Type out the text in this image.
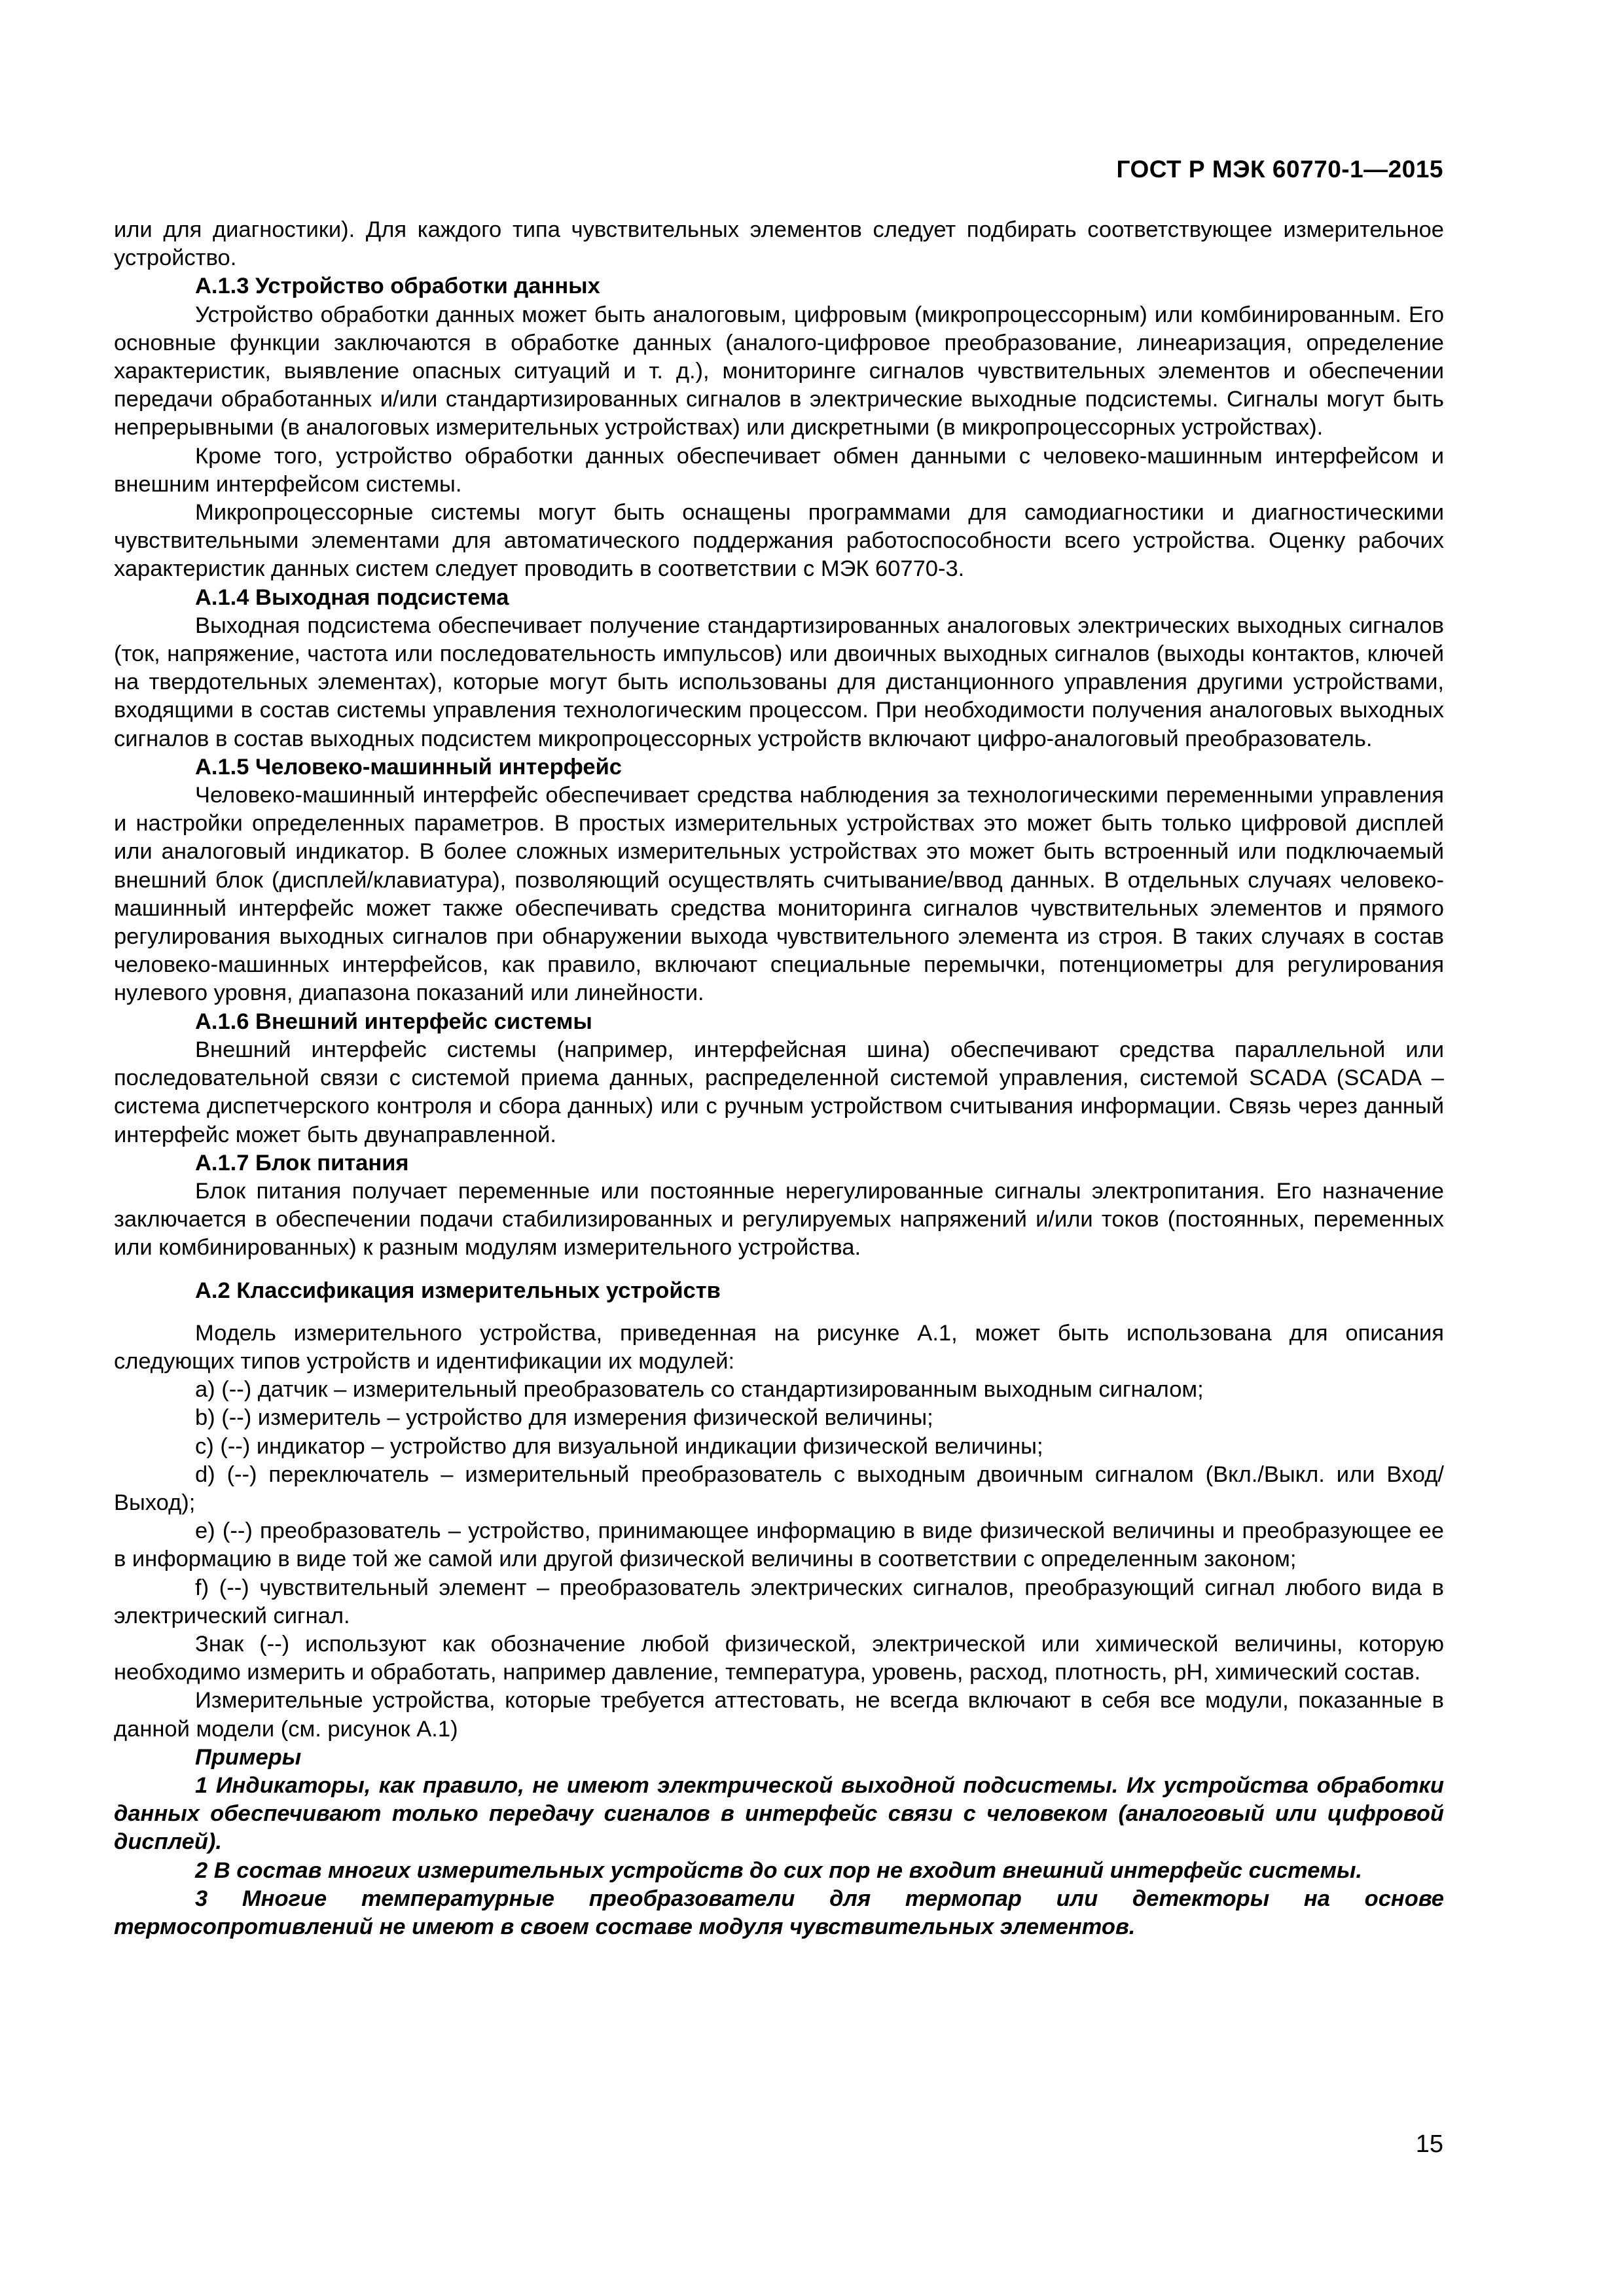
ГОСТ Р МЭК 60770-1—2015

или для диагностики). Для каждого типа чувствительных элементов следует подбирать соответствующее измерительное устройство.

А.1.3 Устройство обработки данных

Устройство обработки данных может быть аналоговым, цифровым (микропроцессорным) или комбинированным. Его основные функции заключаются в обработке данных (аналого-цифровое преобразование, линеаризация, определение характеристик, выявление опасных ситуаций и т. д.), мониторинге сигналов чувствительных элементов и обеспечении передачи обработанных и/или стандартизированных сигналов в электрические выходные подсистемы. Сигналы могут быть непрерывными (в аналоговых измерительных устройствах) или дискретными (в микропроцессорных устройствах).

Кроме того, устройство обработки данных обеспечивает обмен данными с человеко-машинным интерфейсом и внешним интерфейсом системы.

Микропроцессорные системы могут быть оснащены программами для самодиагностики и диагностическими чувствительными элементами для автоматического поддержания работоспособности всего устройства. Оценку рабочих характеристик данных систем следует проводить в соответствии с МЭК 60770-3.

А.1.4 Выходная подсистема

Выходная подсистема обеспечивает получение стандартизированных аналоговых электрических выходных сигналов (ток, напряжение, частота или последовательность импульсов) или двоичных выходных сигналов (выходы контактов, ключей на твердотельных элементах), которые могут быть использованы для дистанционного управления другими устройствами, входящими в состав системы управления технологическим процессом. При необходимости получения аналоговых выходных сигналов в состав выходных подсистем микропроцессорных устройств включают цифро-аналоговый преобразователь.

А.1.5 Человеко-машинный интерфейс

Человеко-машинный интерфейс обеспечивает средства наблюдения за технологическими переменными управления и настройки определенных параметров. В простых измерительных устройствах это может быть только цифровой дисплей или аналоговый индикатор. В более сложных измерительных устройствах это может быть встроенный или подключаемый внешний блок (дисплей/клавиатура), позволяющий осуществлять считывание/ввод данных. В отдельных случаях человеко-машинный интерфейс может также обеспечивать средства мониторинга сигналов чувствительных элементов и прямого регулирования выходных сигналов при обнаружении выхода чувствительного элемента из строя. В таких случаях в состав человеко-машинных интерфейсов, как правило, включают специальные перемычки, потенциометры для регулирования нулевого уровня, диапазона показаний или линейности.

А.1.6 Внешний интерфейс системы

Внешний интерфейс системы (например, интерфейсная шина) обеспечивают средства параллельной или последовательной связи с системой приема данных, распределенной системой управления, системой SCADA (SCADA – система диспетчерского контроля и сбора данных) или с ручным устройством считывания информации. Связь через данный интерфейс может быть двунаправленной.

А.1.7 Блок питания

Блок питания получает переменные или постоянные нерегулированные сигналы электропитания. Его назначение заключается в обеспечении подачи стабилизированных и регулируемых напряжений и/или токов (постоянных, переменных или комбинированных) к разным модулям измерительного устройства.

А.2 Классификация измерительных устройств

Модель измерительного устройства, приведенная на рисунке А.1, может быть использована для описания следующих типов устройств и идентификации их модулей:

a) (--) датчик – измерительный преобразователь со стандартизированным выходным сигналом;

b) (--) измеритель – устройство для измерения физической величины;

c) (--) индикатор – устройство для визуальной индикации физической величины;

d) (--) переключатель – измерительный преобразователь с выходным двоичным сигналом (Вкл./Выкл. или Вход/Выход);

e) (--) преобразователь – устройство, принимающее информацию в виде физической величины и преобразующее ее в информацию в виде той же самой или другой физической величины в соответствии с определенным законом;

f) (--) чувствительный элемент – преобразователь электрических сигналов, преобразующий сигнал любого вида в электрический сигнал.

Знак (--) используют как обозначение любой физической, электрической или химической величины, которую необходимо измерить и обработать, например давление, температура, уровень, расход, плотность, pH, химический состав.

Измерительные устройства, которые требуется аттестовать, не всегда включают в себя все модули, показанные в данной модели (см. рисунок А.1)

Примеры

1 Индикаторы, как правило, не имеют электрической выходной подсистемы. Их устройства обработки данных обеспечивают только передачу сигналов в интерфейс связи с человеком (аналоговый или цифровой дисплей).

2 В состав многих измерительных устройств до сих пор не входит внешний интерфейс системы.

3 Многие температурные преобразователи для термопар или детекторы на основе термосопротивлений не имеют в своем составе модуля чувствительных элементов.

15
